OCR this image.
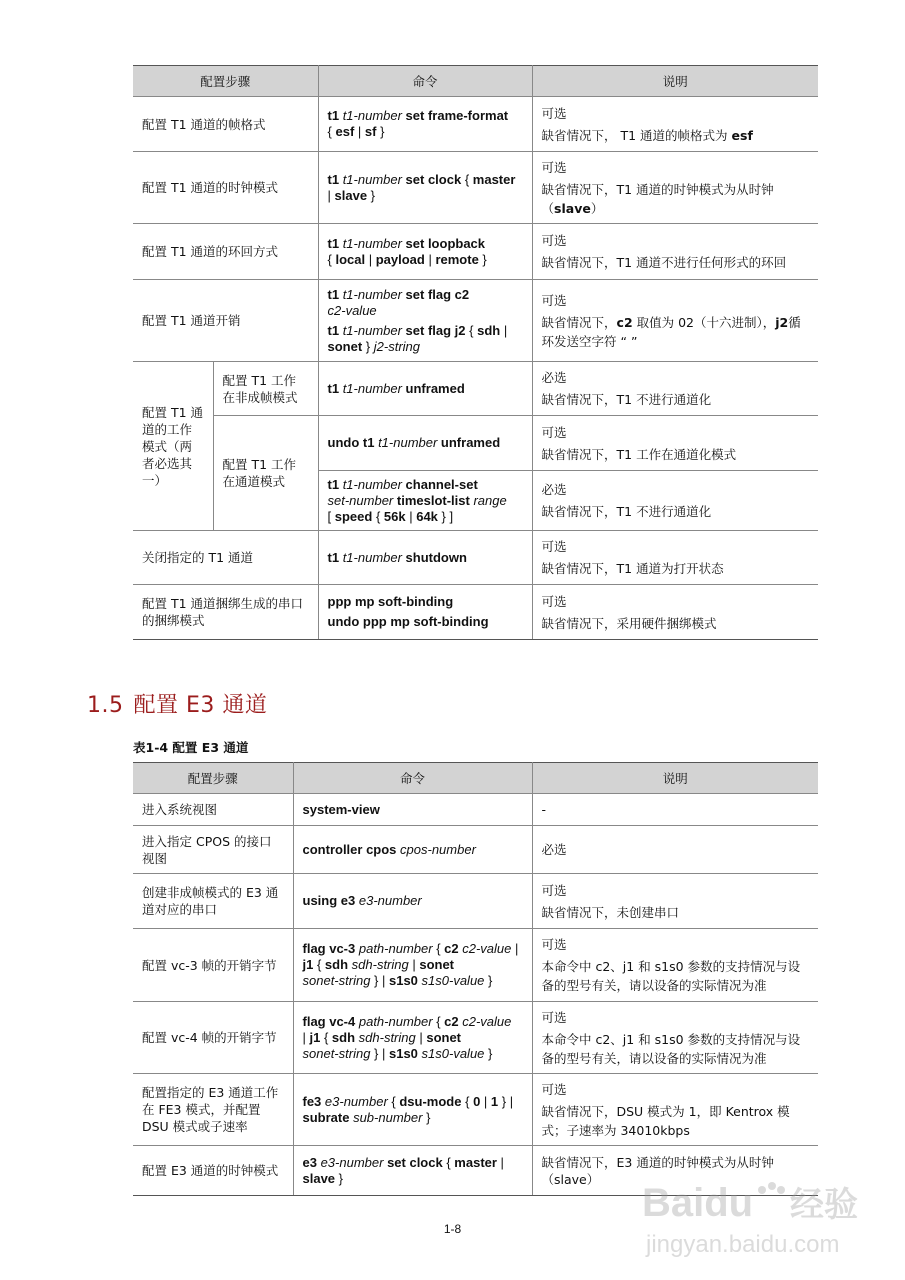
配置步骤		命令	说明
配置 T1 通道的帧格式		t1 t1-number set frame-format
{ esf | sf }	可选
缺省情况下， T1 通道的帧格式为 esf

配置 T1 通道的时钟模式		t1 t1-number set clock { master
| slave }	可选
缺省情况下，T1 通道的时钟模式为从时钟（slave）

配置 T1 通道的环回方式		t1 t1-number set loopback
{ local | payload | remote }	可选
缺省情况下，T1 通道不进行任何形式的环回

配置 T1 通道开销		t1 t1-number set flag c2
c2-value
t1 t1-number set flag j2 { sdh |
sonet } j2-string	可选
缺省情况下，c2 取值为 02（十六进制），j2循环发送空字符 “ ”

配置 T1 通道的工作模式（两者必选其一）	配置 T1 工作在非成帧模式	t1 t1-number unframed	必选
缺省情况下，T1 不进行通道化

	配置 T1 工作在通道模式	undo t1 t1-number unframed	可选
缺省情况下，T1 工作在通道化模式

		t1 t1-number channel-set
set-number timeslot-list range
[ speed { 56k | 64k } ]	必选
缺省情况下，T1 不进行通道化

关闭指定的 T1 通道		t1 t1-number shutdown	可选
缺省情况下，T1 通道为打开状态

配置 T1 通道捆绑生成的串口的捆绑模式		ppp mp soft-binding
undo ppp mp soft-binding	可选
缺省情况下，采用硬件捆绑模式
1.5 配置 E3 通道

表1-4 配置 E3 通道

配置步骤	命令	说明
进入系统视图	system-view	-
进入指定 CPOS 的接口视图	controller cpos cpos-number	必选
创建非成帧模式的 E3 通道对应的串口	using e3 e3-number	可选
缺省情况下，未创建串口

配置 vc-3 帧的开销字节	flag vc-3 path-number { c2 c2-value |
j1 { sdh sdh-string | sonet
sonet-string } | s1s0 s1s0-value }	可选
本命令中 c2、j1 和 s1s0 参数的支持情况与设备的型号有关，请以设备的实际情况为准

配置 vc-4 帧的开销字节	flag vc-4 path-number { c2 c2-value
| j1 { sdh sdh-string | sonet
sonet-string } | s1s0 s1s0-value }	可选
本命令中 c2、j1 和 s1s0 参数的支持情况与设备的型号有关，请以设备的实际情况为准

配置指定的 E3 通道工作在 FE3 模式，并配置 DSU 模式或子速率	fe3 e3-number { dsu-mode { 0 | 1 } |
subrate sub-number }	可选
缺省情况下，DSU 模式为 1，即 Kentrox 模式；子速率为 34010kbps

配置 E3 通道的时钟模式	e3 e3-number set clock { master |
slave }	缺省情况下，E3 通道的时钟模式为从时钟（slave）
1-8
Baidu 经验
jingyan.baidu.com
